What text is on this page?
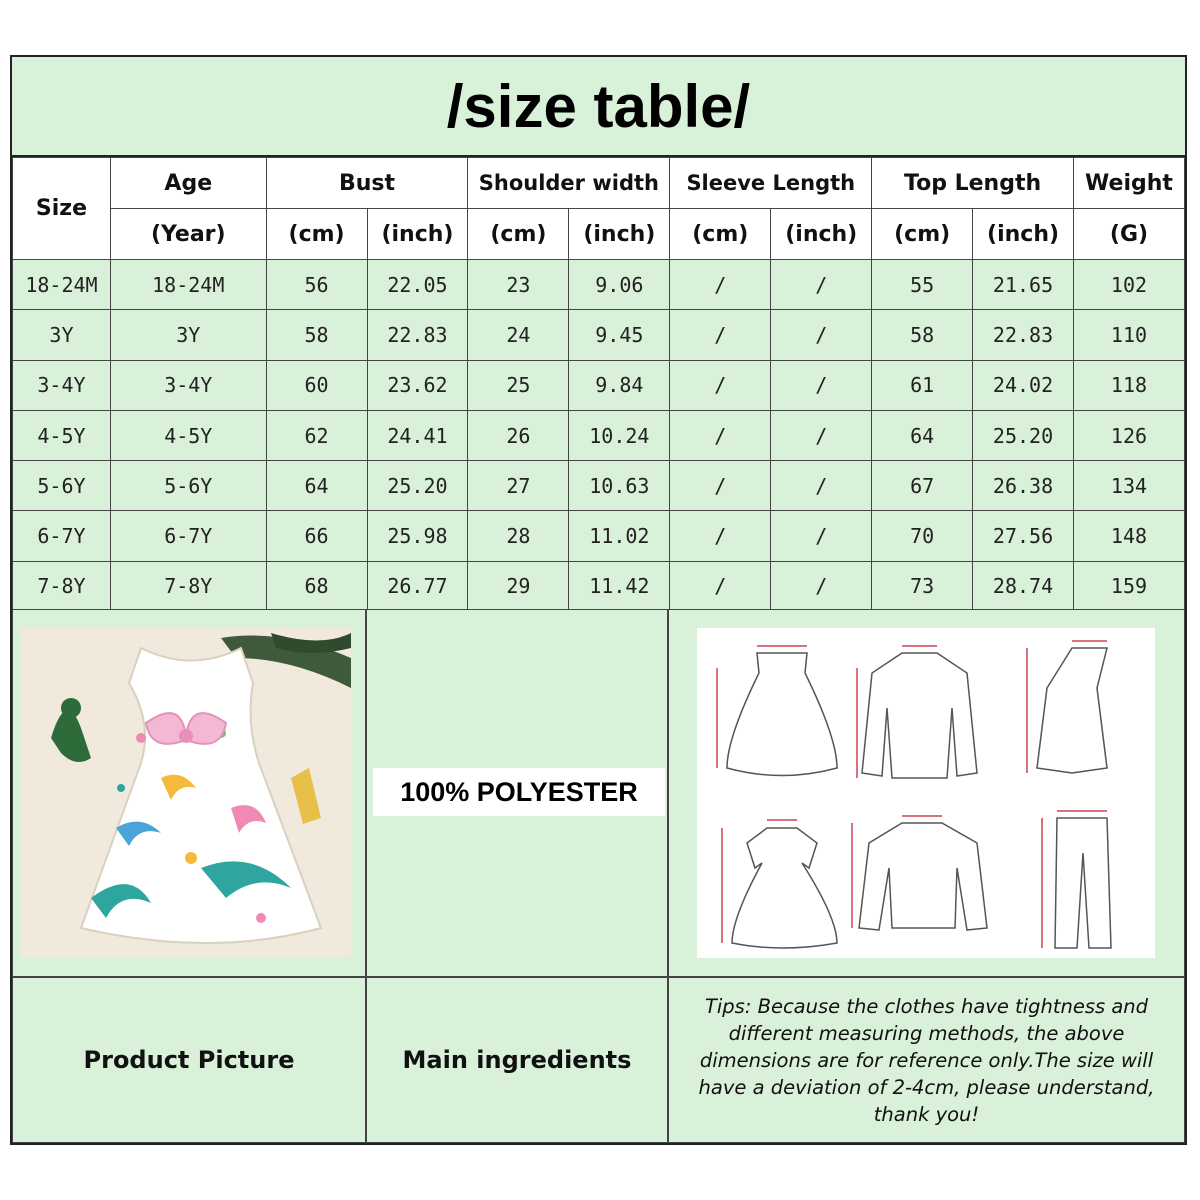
/size table/
Size	Age	Bust		Shoulder width		Sleeve Length		Top Length		Weight
	(Year)	(cm)	(inch)	(cm)	(inch)	(cm)	(inch)	(cm)	(inch)	(G)
18-24M	18-24M	56	22.05	23	9.06	/	/	55	21.65	102
3Y	3Y	58	22.83	24	9.45	/	/	58	22.83	110
3-4Y	3-4Y	60	23.62	25	9.84	/	/	61	24.02	118
4-5Y	4-5Y	62	24.41	26	10.24	/	/	64	25.20	126
5-6Y	5-6Y	64	25.20	27	10.63	/	/	67	26.38	134
6-7Y	6-7Y	66	25.98	28	11.02	/	/	70	27.56	148
7-8Y	7-8Y	68	26.77	29	11.42	/	/	73	28.74	159
100% POLYESTER
Product Picture	Main ingredients
Tips: Because the clothes have tightness and different measuring methods, the above dimensions are for reference only.The size will have a deviation of 2-4cm, please understand, thank you!
